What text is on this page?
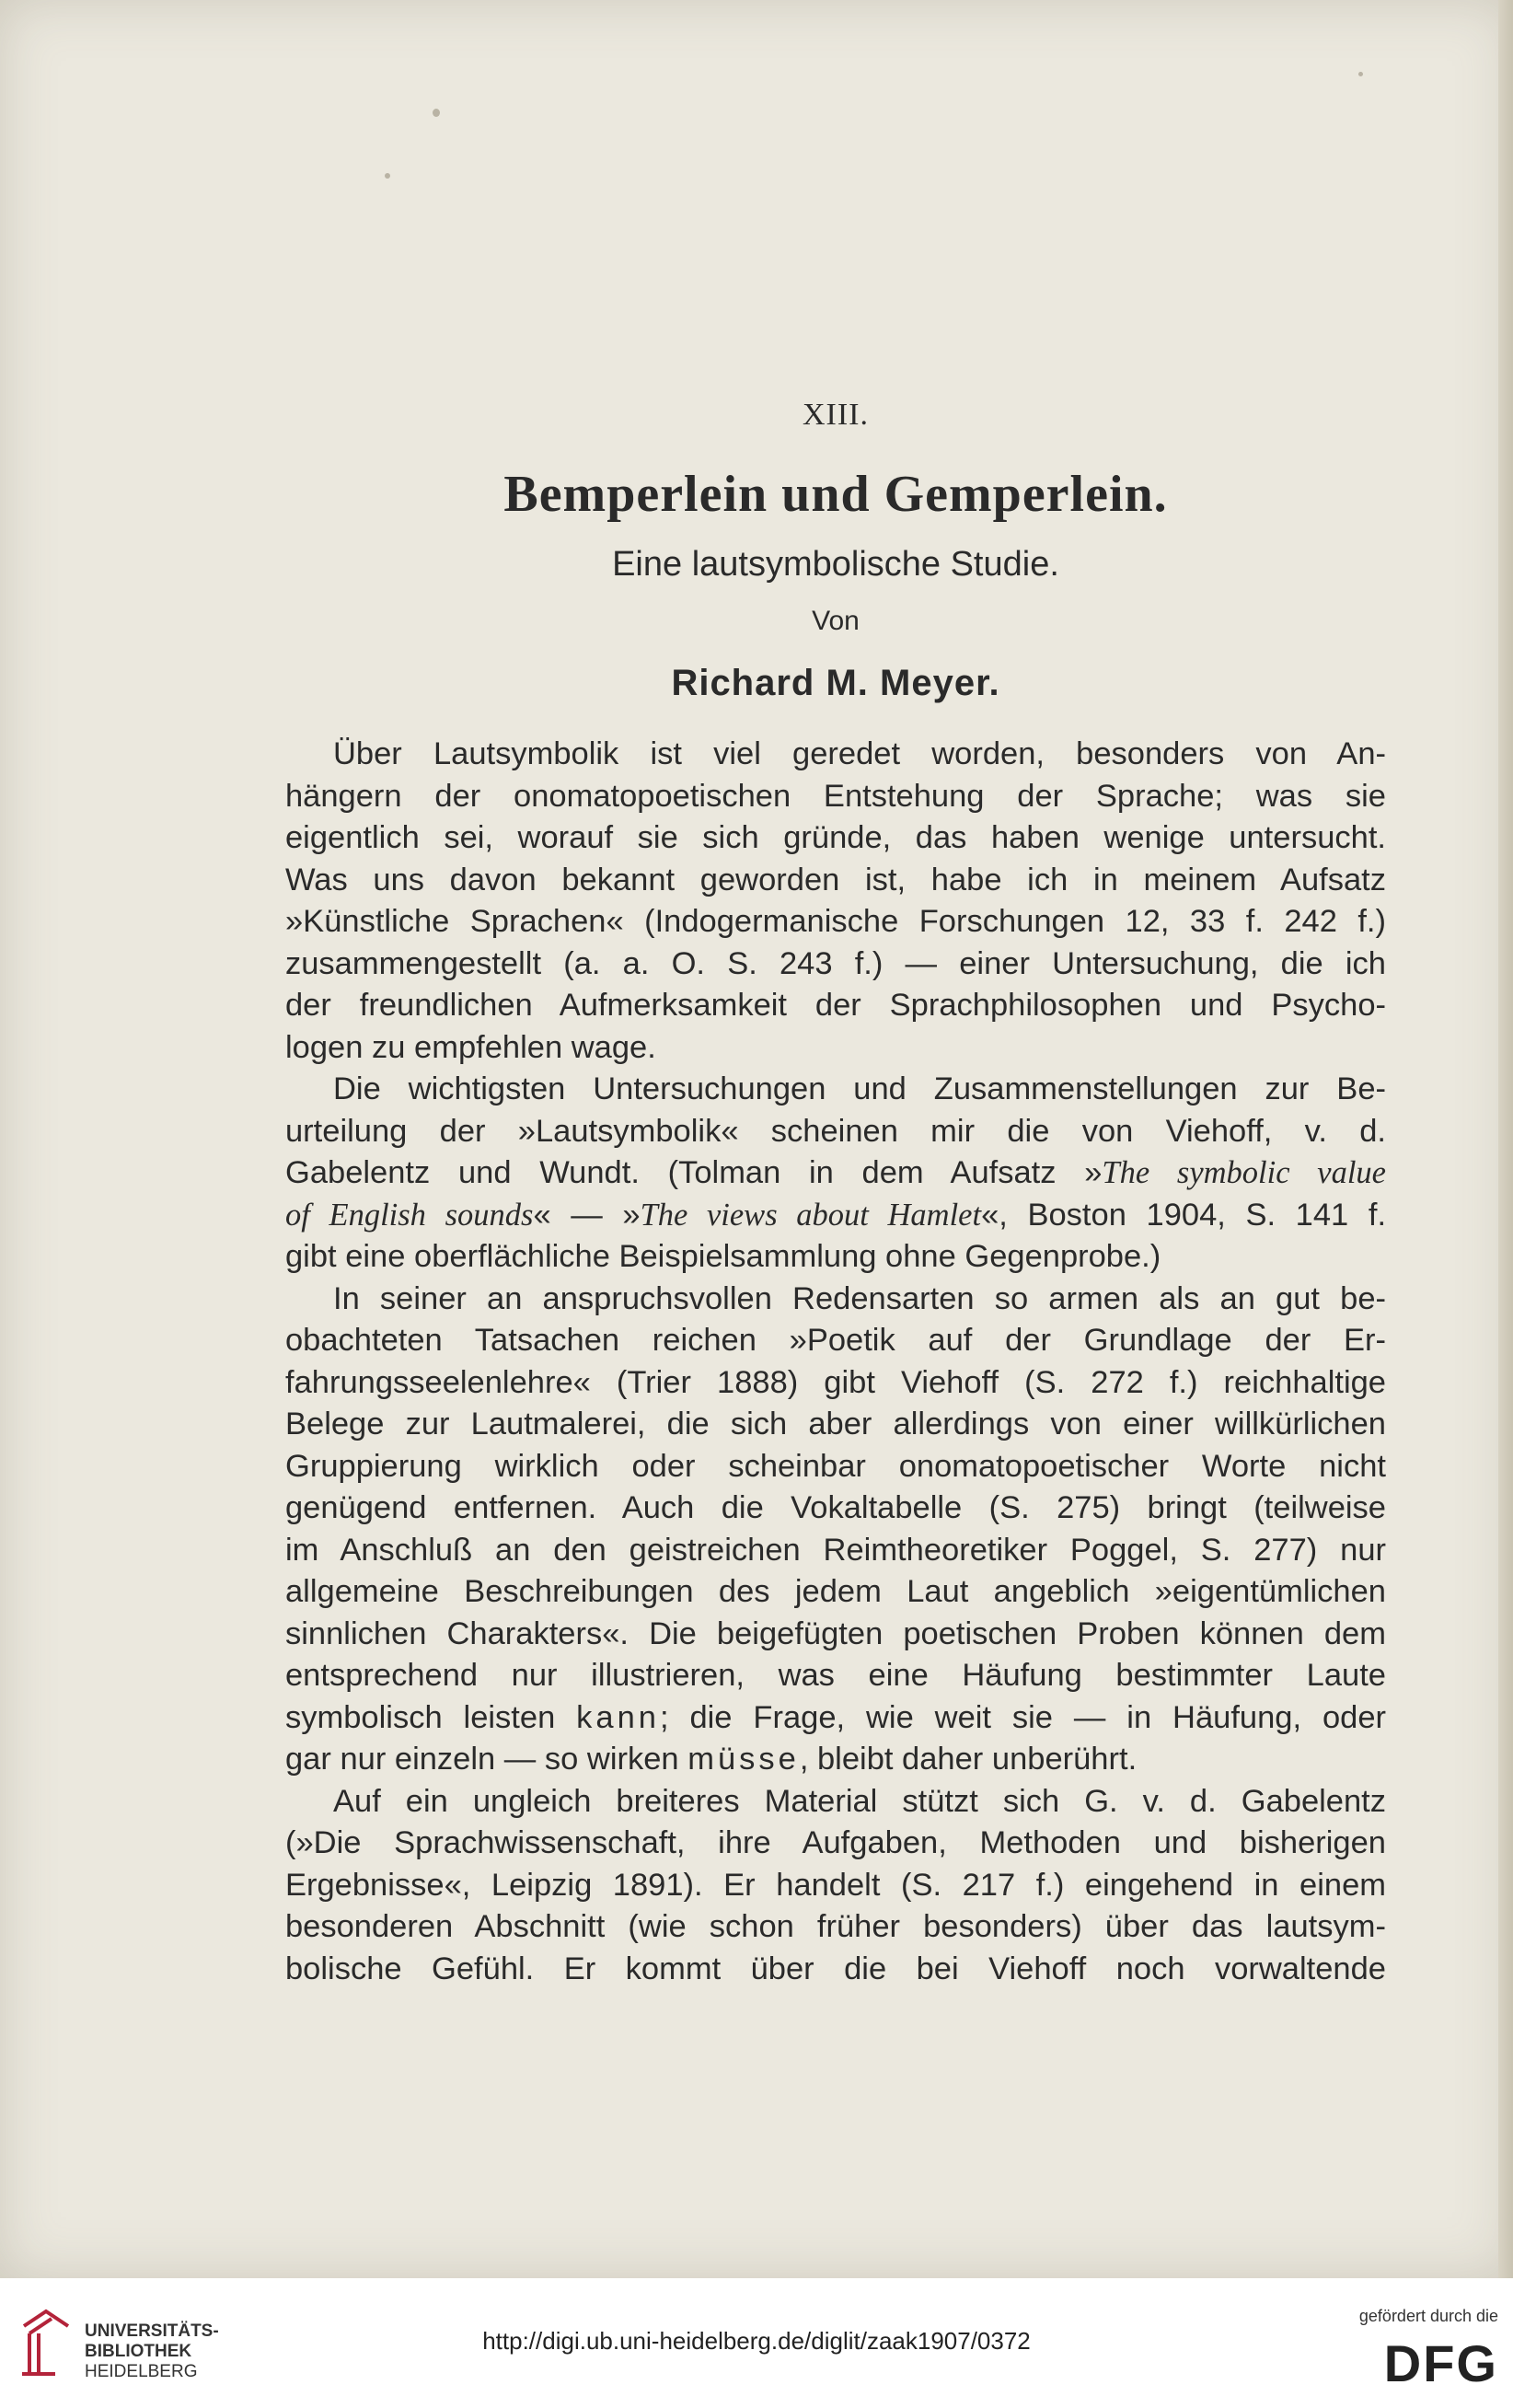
XIII.
Bemperlein und Gemperlein.
Eine lautsymbolische Studie.
Von
Richard M. Meyer.
Über Lautsymbolik ist viel geredet worden, besonders von An-
hängern der onomatopoetischen Entstehung der Sprache; was sie
eigentlich sei, worauf sie sich gründe, das haben wenige untersucht.
Was uns davon bekannt geworden ist, habe ich in meinem Aufsatz
»Künstliche Sprachen« (Indogermanische Forschungen 12, 33 f. 242 f.)
zusammengestellt (a. a. O. S. 243 f.) — einer Untersuchung, die ich
der freundlichen Aufmerksamkeit der Sprachphilosophen und Psycho-
logen zu empfehlen wage.
Die wichtigsten Untersuchungen und Zusammenstellungen zur Be-
urteilung der »Lautsymbolik« scheinen mir die von Viehoff, v. d.
Gabelentz und Wundt. (Tolman in dem Aufsatz »The symbolic value
of English sounds« — »The views about Hamlet«, Boston 1904, S. 141 f.
gibt eine oberflächliche Beispielsammlung ohne Gegenprobe.)
In seiner an anspruchsvollen Redensarten so armen als an gut be-
obachteten Tatsachen reichen »Poetik auf der Grundlage der Er-
fahrungsseelenlehre« (Trier 1888) gibt Viehoff (S. 272 f.) reichhaltige
Belege zur Lautmalerei, die sich aber allerdings von einer willkürlichen
Gruppierung wirklich oder scheinbar onomatopoetischer Worte nicht
genügend entfernen. Auch die Vokaltabelle (S. 275) bringt (teilweise
im Anschluß an den geistreichen Reimtheoretiker Poggel, S. 277) nur
allgemeine Beschreibungen des jedem Laut angeblich »eigentümlichen
sinnlichen Charakters«. Die beigefügten poetischen Proben können dem
entsprechend nur illustrieren, was eine Häufung bestimmter Laute
symbolisch leisten kann; die Frage, wie weit sie — in Häufung, oder
gar nur einzeln — so wirken müsse, bleibt daher unberührt.
Auf ein ungleich breiteres Material stützt sich G. v. d. Gabelentz
(»Die Sprachwissenschaft, ihre Aufgaben, Methoden und bisherigen
Ergebnisse«, Leipzig 1891). Er handelt (S. 217 f.) eingehend in einem
besonderen Abschnitt (wie schon früher besonders) über das lautsym-
bolische Gefühl. Er kommt über die bei Viehoff noch vorwaltende
UNIVERSITÄTS-
BIBLIOTHEK
HEIDELBERG
http://digi.ub.uni-heidelberg.de/diglit/zaak1907/0372
gefördert durch die
DFG
